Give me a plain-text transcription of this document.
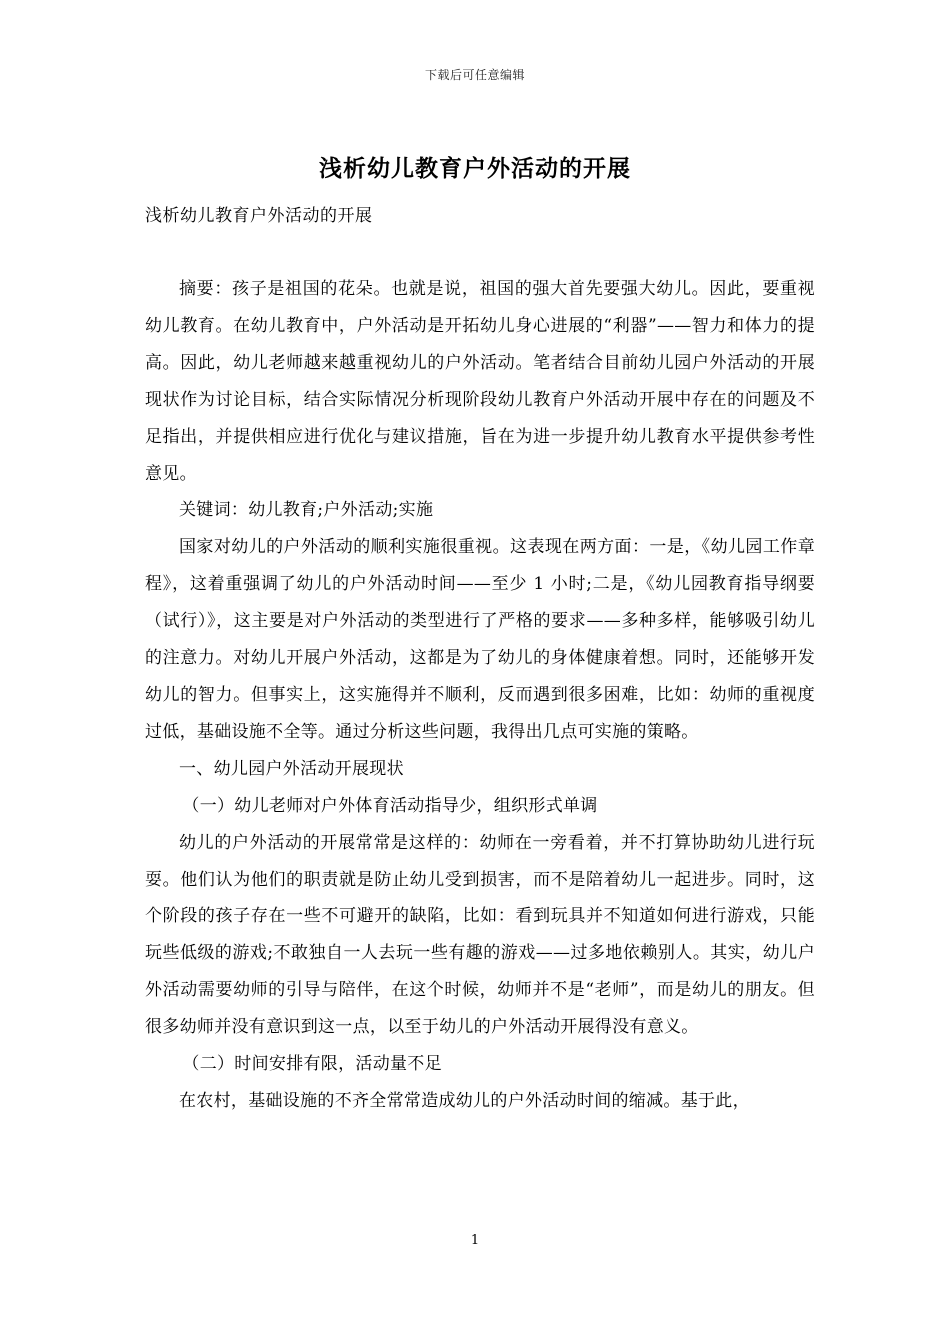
下载后可任意编辑
浅析幼儿教育户外活动的开展
浅析幼儿教育户外活动的开展

摘要：孩子是祖国的花朵。也就是说，祖国的强大首先要强大幼儿。因此，要重视幼儿教育。在幼儿教育中，户外活动是开拓幼儿身心进展的“利器”——智力和体力的提高。因此，幼儿老师越来越重视幼儿的户外活动。笔者结合目前幼儿园户外活动的开展现状作为讨论目标，结合实际情况分析现阶段幼儿教育户外活动开展中存在的问题及不足指出，并提供相应进行优化与建议措施，旨在为进一步提升幼儿教育水平提供参考性意见。

关键词：幼儿教育;户外活动;实施

国家对幼儿的户外活动的顺利实施很重视。这表现在两方面：一是，《幼儿园工作章程》，这着重强调了幼儿的户外活动时间——至少 1 小时;二是，《幼儿园教育指导纲要（试行）》，这主要是对户外活动的类型进行了严格的要求——多种多样，能够吸引幼儿的注意力。对幼儿开展户外活动，这都是为了幼儿的身体健康着想。同时，还能够开发幼儿的智力。但事实上，这实施得并不顺利，反而遇到很多困难，比如：幼师的重视度过低，基础设施不全等。通过分析这些问题，我得出几点可实施的策略。

一、幼儿园户外活动开展现状

（一）幼儿老师对户外体育活动指导少，组织形式单调

幼儿的户外活动的开展常常是这样的：幼师在一旁看着，并不打算协助幼儿进行玩耍。他们认为他们的职责就是防止幼儿受到损害，而不是陪着幼儿一起进步。同时，这个阶段的孩子存在一些不可避开的缺陷，比如：看到玩具并不知道如何进行游戏，只能玩些低级的游戏;不敢独自一人去玩一些有趣的游戏——过多地依赖别人。其实，幼儿户外活动需要幼师的引导与陪伴，在这个时候，幼师并不是“老师”，而是幼儿的朋友。但很多幼师并没有意识到这一点，以至于幼儿的户外活动开展得没有意义。

（二）时间安排有限，活动量不足

在农村，基础设施的不齐全常常造成幼儿的户外活动时间的缩减。基于此，

1
